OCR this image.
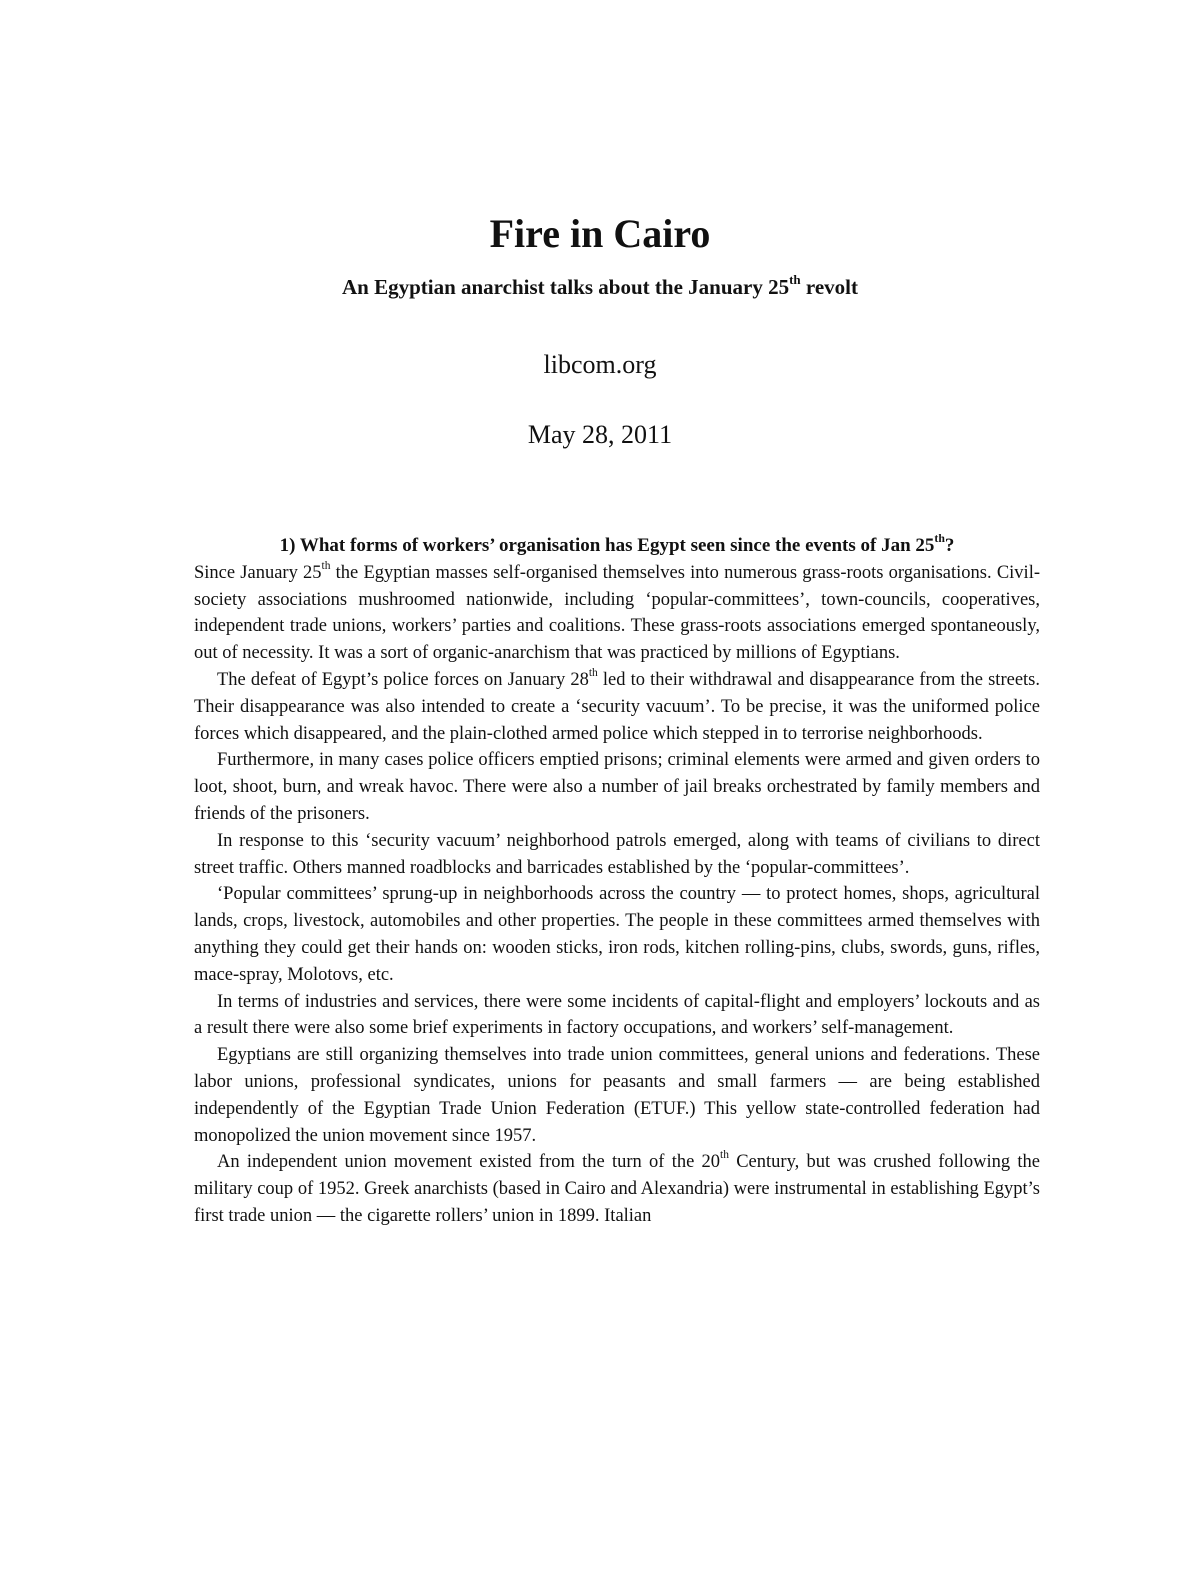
Fire in Cairo
An Egyptian anarchist talks about the January 25th revolt
libcom.org
May 28, 2011

1) What forms of workers’ organisation has Egypt seen since the events of Jan 25th?

Since January 25th the Egyptian masses self-organised themselves into numerous grass-roots organisations. Civil-society associations mushroomed nationwide, including ‘popular-committees’, town-councils, cooperatives, independent trade unions, workers’ parties and coalitions. These grass-roots associations emerged spontaneously, out of necessity. It was a sort of organic-anarchism that was practiced by millions of Egyptians.

The defeat of Egypt’s police forces on January 28th led to their withdrawal and disappearance from the streets. Their disappearance was also intended to create a ‘security vacuum’. To be precise, it was the uniformed police forces which disappeared, and the plain-clothed armed police which stepped in to terrorise neighborhoods.

Furthermore, in many cases police officers emptied prisons; criminal elements were armed and given orders to loot, shoot, burn, and wreak havoc. There were also a number of jail breaks orchestrated by family members and friends of the prisoners.

In response to this ‘security vacuum’ neighborhood patrols emerged, along with teams of civilians to direct street traffic. Others manned roadblocks and barricades established by the ‘popular-committees’.

‘Popular committees’ sprung-up in neighborhoods across the country — to protect homes, shops, agricultural lands, crops, livestock, automobiles and other properties. The people in these committees armed themselves with anything they could get their hands on: wooden sticks, iron rods, kitchen rolling-pins, clubs, swords, guns, rifles, mace-spray, Molotovs, etc.

In terms of industries and services, there were some incidents of capital-flight and employers’ lockouts and as a result there were also some brief experiments in factory occupations, and workers’ self-management.

Egyptians are still organizing themselves into trade union committees, general unions and federations. These labor unions, professional syndicates, unions for peasants and small farmers — are being established independently of the Egyptian Trade Union Federation (ETUF.) This yellow state-controlled federation had monopolized the union movement since 1957.

An independent union movement existed from the turn of the 20th Century, but was crushed following the military coup of 1952. Greek anarchists (based in Cairo and Alexandria) were instrumental in establishing Egypt’s first trade union — the cigarette rollers’ union in 1899. Italian
